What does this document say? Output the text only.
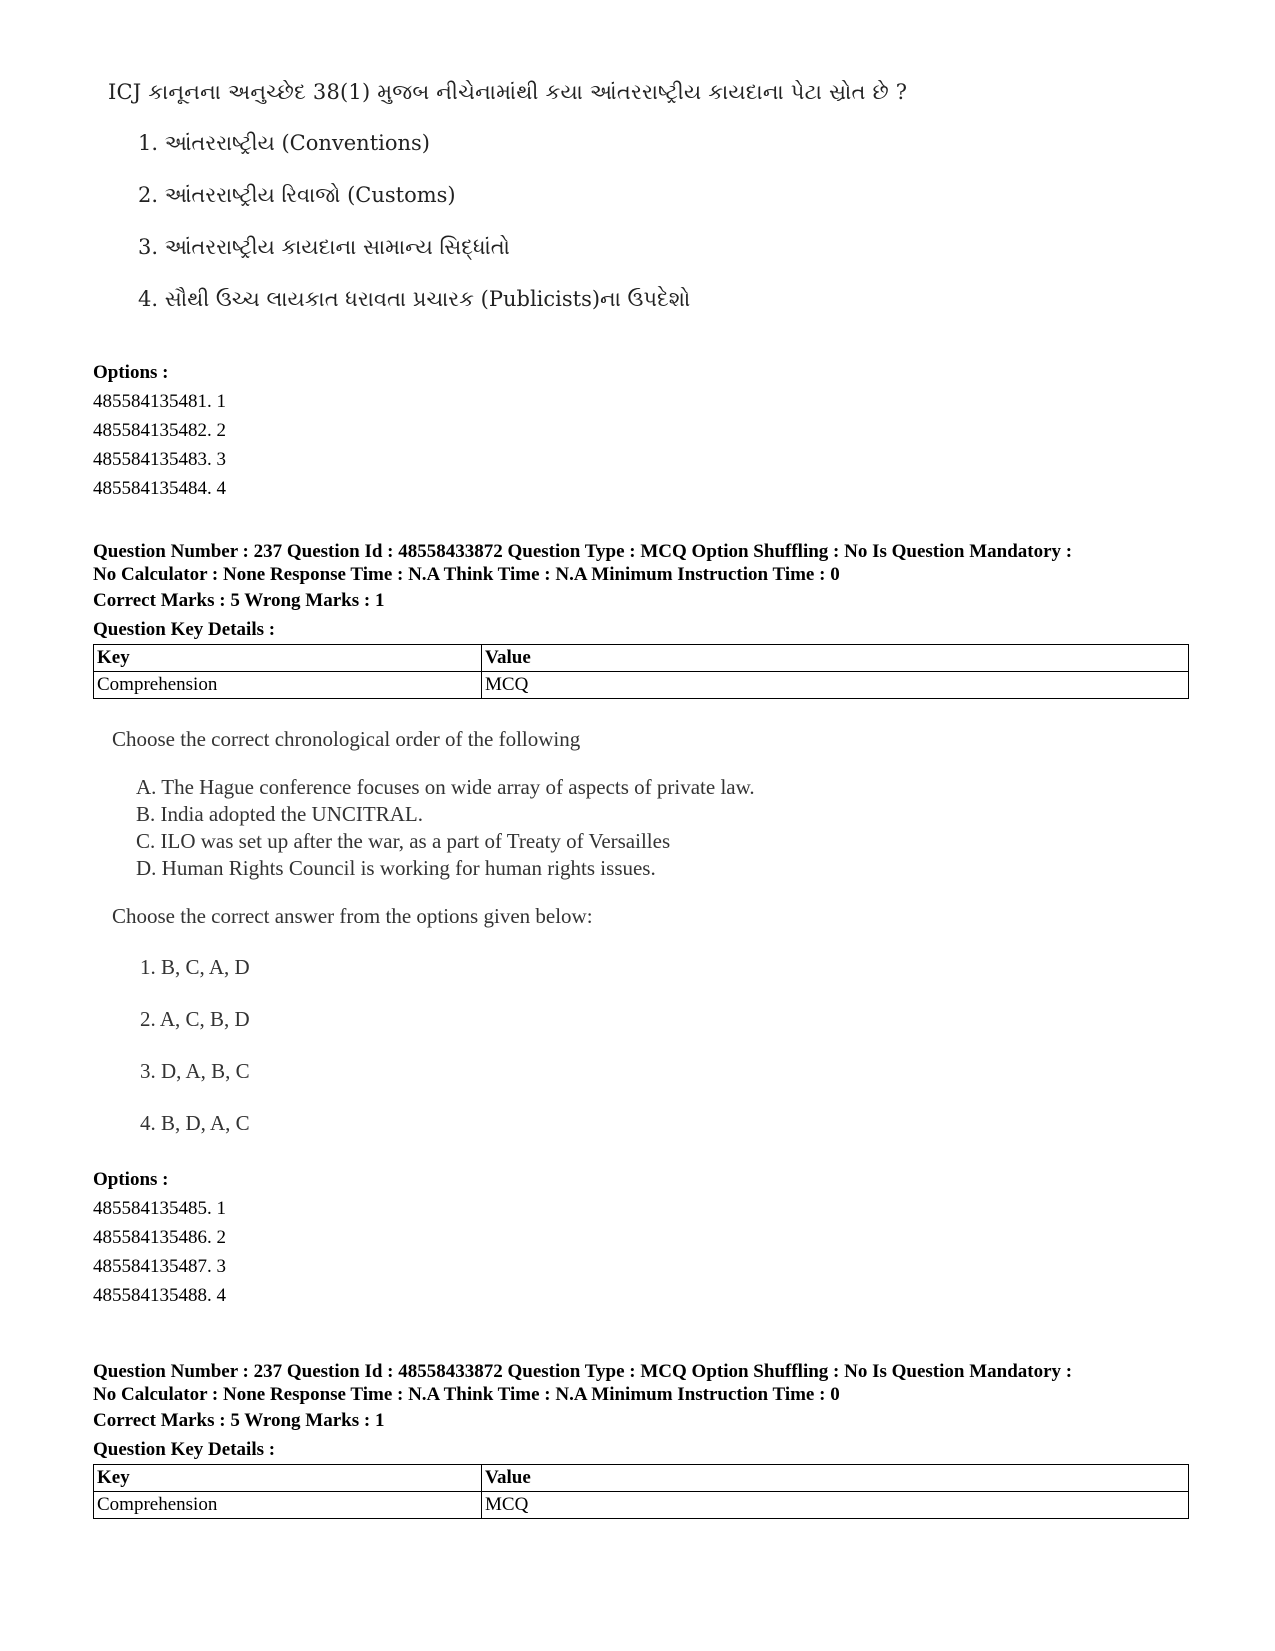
ICJ કાનૂનના અનુચ્છેદ 38(1) મુજબ નીચેનામાંથી કયા આંતરરાષ્ટ્રીય કાયદાના પેટા સ્રોત છે ?
1. આંતરરાષ્ટ્રીય (Conventions)
2. આંતરરાષ્ટ્રીય રિવાજો (Customs)
3. આંતરરાષ્ટ્રીય કાયદાના સામાન્ય સિદ્ધાંતો
4. સૌથી ઉચ્ચ લાયકાત ધરાવતા પ્રચારક (Publicists)ના ઉપદેશો
Options :
485584135481. 1
485584135482. 2
485584135483. 3
485584135484. 4
Question Number : 237 Question Id : 48558433872 Question Type : MCQ Option Shuffling : No Is Question Mandatory :
No Calculator : None Response Time : N.A Think Time : N.A Minimum Instruction Time : 0
Correct Marks : 5 Wrong Marks : 1
Question Key Details :
Key	Value
Comprehension	MCQ
Choose the correct chronological order of the following
A. The Hague conference focuses on wide array of aspects of private law.
B. India adopted the UNCITRAL.
C. ILO was set up after the war, as a part of Treaty of Versailles
D. Human Rights Council is working for human rights issues.
Choose the correct answer from the options given below:
1. B, C, A, D
2. A, C, B, D
3. D, A, B, C
4. B, D, A, C
Options :
485584135485. 1
485584135486. 2
485584135487. 3
485584135488. 4
Question Number : 237 Question Id : 48558433872 Question Type : MCQ Option Shuffling : No Is Question Mandatory :
No Calculator : None Response Time : N.A Think Time : N.A Minimum Instruction Time : 0
Correct Marks : 5 Wrong Marks : 1
Question Key Details :
Key	Value
Comprehension	MCQ
